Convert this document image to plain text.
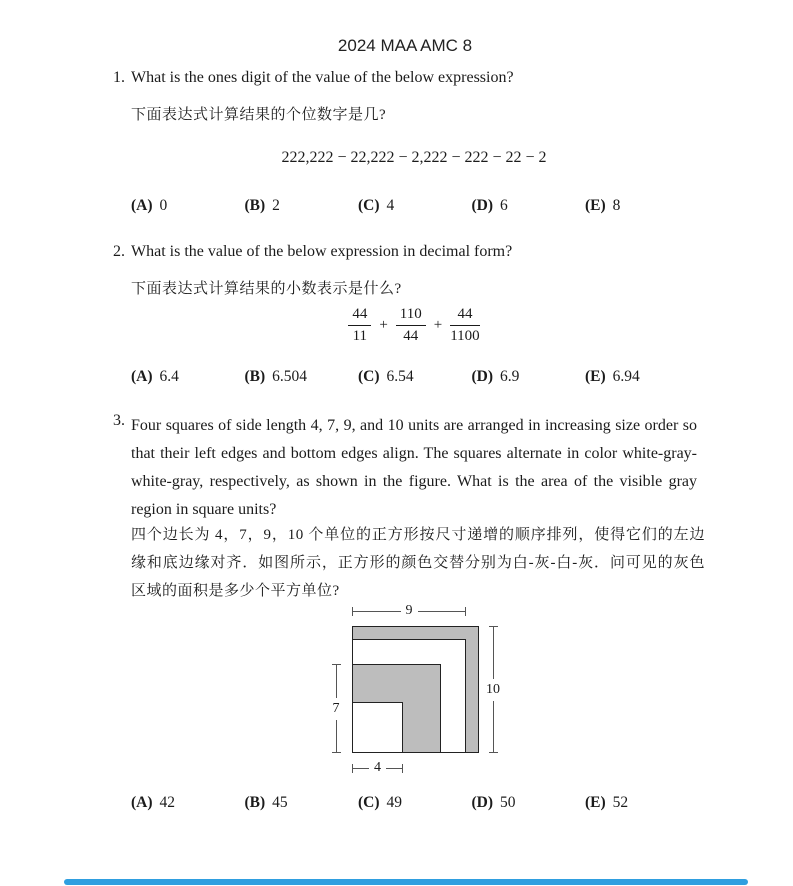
2024 MAA AMC 8
1. What is the ones digit of the value of the below expression?
下面表达式计算结果的个位数字是几?
222,222 − 22,222 − 2,222 − 222 − 22 − 2
(A) 0	(B) 2	(C) 4	(D) 6	(E) 8
2. What is the value of the below expression in decimal form?
下面表达式计算结果的小数表示是什么?
$\frac{44}{11} + \frac{110}{44} + \frac{44}{1100}$
(A) 6.4	(B) 6.504	(C) 6.54	(D) 6.9	(E) 6.94
3. Four squares of side length 4, 7, 9, and 10 units are arranged in increasing size order so that their left edges and bottom edges align. The squares alternate in color white-gray-white-gray, respectively, as shown in the figure. What is the area of the visible gray region in square units?
四个边长为 4，7，9，10 个单位的正方形按尺寸递增的顺序排列，使得它们的左边缘和底边缘对齐．如图所示，正方形的颜色交替分别为白-灰-白-灰．问可见的灰色区域的面积是多少个平方单位?
9
10
7
4
(A) 42	(B) 45	(C) 49	(D) 50	(E) 52
